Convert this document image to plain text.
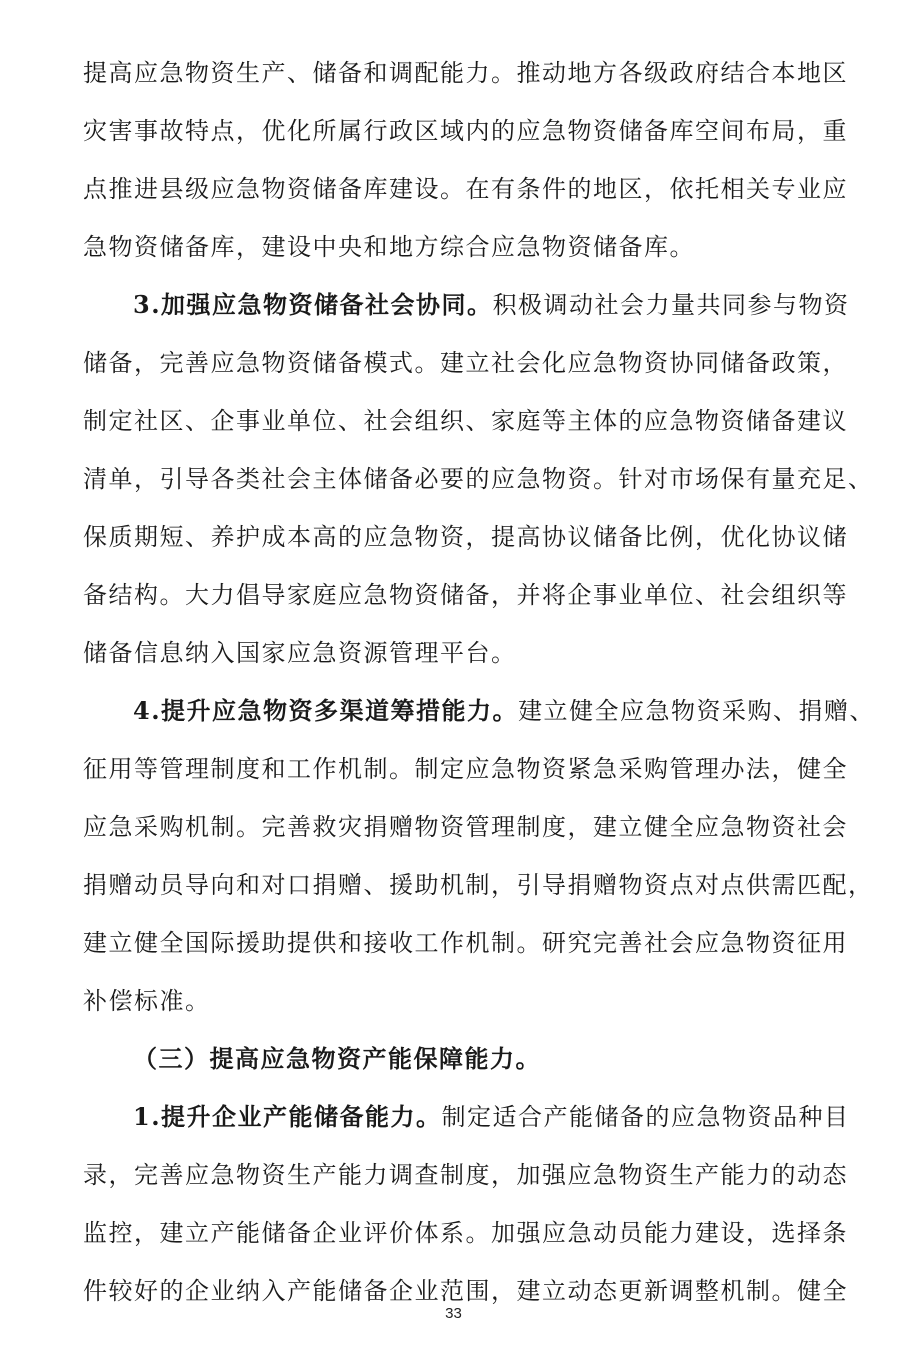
提高应急物资生产、储备和调配能力。推动地方各级政府结合本地区
灾害事故特点，优化所属行政区域内的应急物资储备库空间布局，重
点推进县级应急物资储备库建设。在有条件的地区，依托相关专业应
急物资储备库，建设中央和地方综合应急物资储备库。
3.加强应急物资储备社会协同。积极调动社会力量共同参与物资
储备，完善应急物资储备模式。建立社会化应急物资协同储备政策，
制定社区、企事业单位、社会组织、家庭等主体的应急物资储备建议
清单，引导各类社会主体储备必要的应急物资。针对市场保有量充足、
保质期短、养护成本高的应急物资，提高协议储备比例，优化协议储
备结构。大力倡导家庭应急物资储备，并将企事业单位、社会组织等
储备信息纳入国家应急资源管理平台。
4.提升应急物资多渠道筹措能力。建立健全应急物资采购、捐赠、
征用等管理制度和工作机制。制定应急物资紧急采购管理办法，健全
应急采购机制。完善救灾捐赠物资管理制度，建立健全应急物资社会
捐赠动员导向和对口捐赠、援助机制，引导捐赠物资点对点供需匹配，
建立健全国际援助提供和接收工作机制。研究完善社会应急物资征用
补偿标准。
（三）提高应急物资产能保障能力。
1.提升企业产能储备能力。制定适合产能储备的应急物资品种目
录，完善应急物资生产能力调查制度，加强应急物资生产能力的动态
监控，建立产能储备企业评价体系。加强应急动员能力建设，选择条
件较好的企业纳入产能储备企业范围，建立动态更新调整机制。健全
33
